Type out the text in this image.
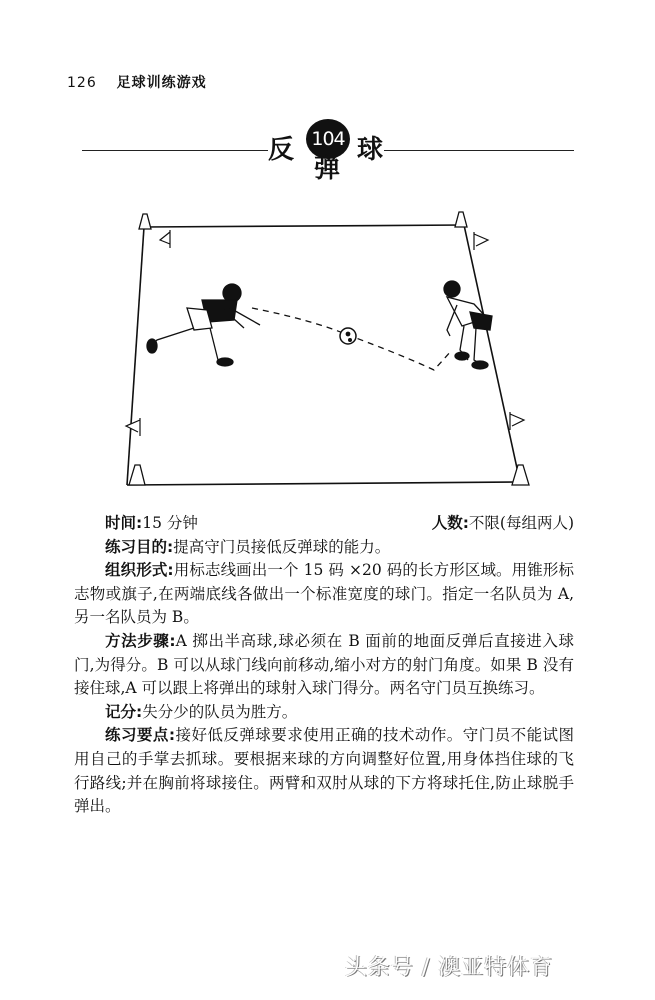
126 足球训练游戏
反 104
弹
球
时间:15 分钟	人数:不限(每组两人)

练习目的:提高守门员接低反弹球的能力。

组织形式:用标志线画出一个 15 码 ×20 码的长方形区域。用锥形标志物或旗子,在两端底线各做出一个标准宽度的球门。指定一名队员为 A,另一名队员为 B。

方法步骤:A 掷出半高球,球必须在 B 面前的地面反弹后直接进入球门,为得分。B 可以从球门线向前移动,缩小对方的射门角度。如果 B 没有接住球,A 可以跟上将弹出的球射入球门得分。两名守门员互换练习。

记分:失分少的队员为胜方。

练习要点:接好低反弹球要求使用正确的技术动作。守门员不能试图用自己的手掌去抓球。要根据来球的方向调整好位置,用身体挡住球的飞行路线;并在胸前将球接住。两臂和双肘从球的下方将球托住,防止球脱手弹出。

PDG
头条号 / 澳亚特体育
